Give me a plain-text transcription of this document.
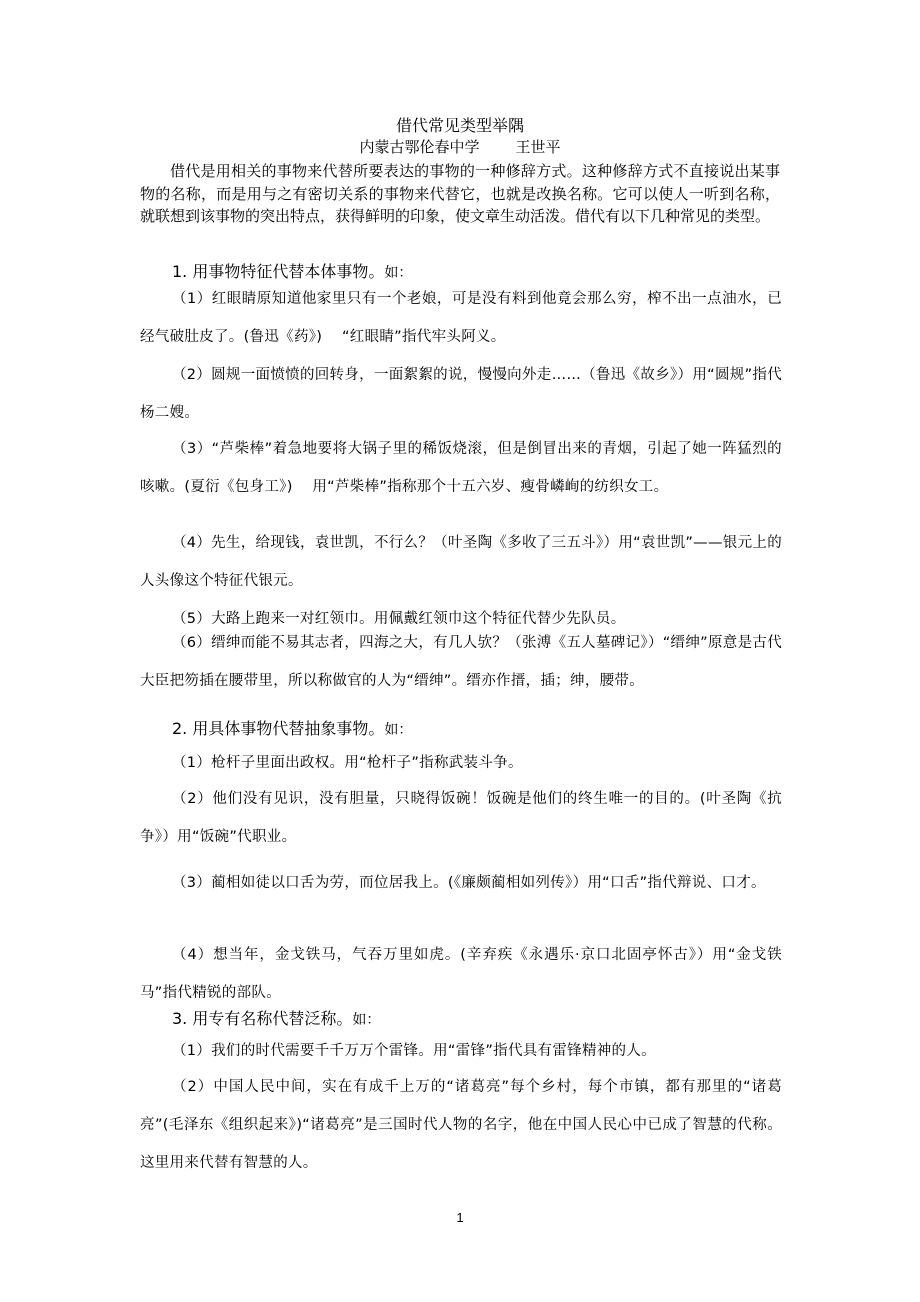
借代常见类型举隅
内蒙古鄂伦春中学 王世平
借代是用相关的事物来代替所要表达的事物的一种修辞方式。这种修辞方式不直接说出某事物的名称，而是用与之有密切关系的事物来代替它，也就是改换名称。它可以使人一听到名称，就联想到该事物的突出特点，获得鲜明的印象，使文章生动活泼。借代有以下几种常见的类型。
1. 用事物特征代替本体事物。如：
（1）红眼睛原知道他家里只有一个老娘，可是没有料到他竟会那么穷，榨不出一点油水，已经气破肚皮了。(鲁迅《药》)　 “红眼睛”指代牢头阿义。
（2）圆规一面愤愤的回转身，一面絮絮的说，慢慢向外走……（鲁迅《故乡》）用“圆规”指代杨二嫂。
（3）“芦柴棒”着急地要将大锅子里的稀饭烧滚，但是倒冒出来的青烟，引起了她一阵猛烈的咳嗽。(夏衍《包身工》)　 用“芦柴棒”指称那个十五六岁、瘦骨嶙峋的纺织女工。
（4）先生，给现钱，袁世凯，不行么？（叶圣陶《多收了三五斗》）用“袁世凯”——银元上的人头像这个特征代银元。
（5）大路上跑来一对红领巾。用佩戴红领巾这个特征代替少先队员。
（6）缙绅而能不易其志者，四海之大，有几人欤？（张溥《五人墓碑记》）“缙绅”原意是古代大臣把笏插在腰带里，所以称做官的人为“缙绅”。缙亦作搢，插；绅，腰带。
2. 用具体事物代替抽象事物。如：
（1）枪杆子里面出政权。用“枪杆子”指称武装斗争。
（2）他们没有见识，没有胆量，只晓得饭碗！饭碗是他们的终生唯一的目的。(叶圣陶《抗争》）用“饭碗”代职业。
（3）蔺相如徒以口舌为劳，而位居我上。(《廉颇蔺相如列传》）用“口舌”指代辩说、口才。
（4）想当年，金戈铁马，气吞万里如虎。(辛弃疾《永遇乐·京口北固亭怀古》）用“金戈铁马”指代精锐的部队。
3. 用专有名称代替泛称。如：
（1）我们的时代需要千千万万个雷锋。用“雷锋”指代具有雷锋精神的人。
（2）中国人民中间，实在有成千上万的“诸葛亮”每个乡村，每个市镇，都有那里的“诸葛亮”(毛泽东《组织起来》)“诸葛亮”是三国时代人物的名字，他在中国人民心中已成了智慧的代称。这里用来代替有智慧的人。
1
